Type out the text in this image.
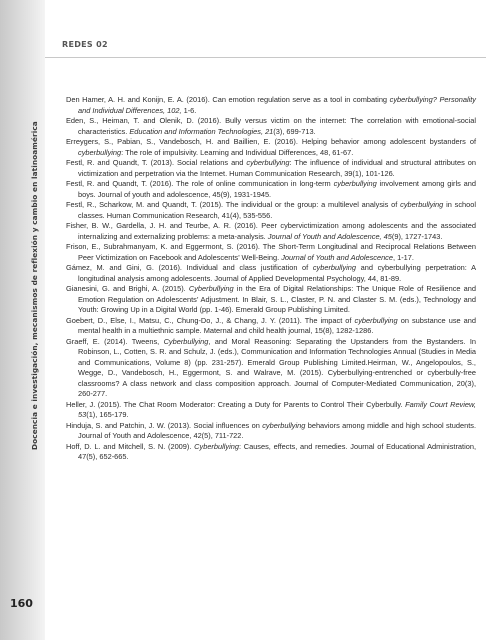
REDES 02
Docencia e investigación, mecanismos de reflexión y cambio en latinoamérica
Den Hamer, A. H. and Konijn, E. A. (2016). Can emotion regulation serve as a tool in combating cyberbullying? Personality and Individual Differences, 102, 1-6.
Eden, S., Heiman, T. and Olenik, D. (2016). Bully versus victim on the internet: The correlation with emotional-social characteristics. Education and Information Technologies, 21(3), 699-713.
Erreygers, S., Pabian, S., Vandebosch, H. and Baillien, E. (2016). Helping behavior among adolescent bystanders of cyberbullying: The role of impulsivity. Learning and Individual Differences, 48, 61-67.
Festl, R. and Quandt, T. (2013). Social relations and cyberbullying: The influence of individual and structural attributes on victimization and perpetration via the Internet. Human Communication Research, 39(1), 101-126.
Festl, R. and Quandt, T. (2016). The role of online communication in long-term cyberbullying involvement among girls and boys. Journal of youth and adolescence, 45(9), 1931-1945.
Festl, R., Scharkow, M. and Quandt, T. (2015). The individual or the group: a multilevel analysis of cyberbullying in school classes. Human Communication Research, 41(4), 535-556.
Fisher, B. W., Gardella, J. H. and Teurbe, A. R. (2016). Peer cybervictimization among adolescents and the associated internalizing and externalizing problems: a meta-analysis. Journal of Youth and Adolescence, 45(9), 1727-1743.
Frison, E., Subrahmanyam, K. and Eggermont, S. (2016). The Short-Term Longitudinal and Reciprocal Relations Between Peer Victimization on Facebook and Adolescents’ Well-Being. Journal of Youth and Adolescence, 1-17.
Gámez, M. and Gini, G. (2016). Individual and class justification of cyberbullying and cyberbullying perpetration: A longitudinal analysis among adolescents. Journal of Applied Developmental Psychology, 44, 81-89.
Gianesini, G. and Brighi, A. (2015). Cyberbullying in the Era of Digital Relationships: The Unique Role of Resilience and Emotion Regulation on Adolescents’ Adjustment. In Blair, S. L., Claster, P. N. and Claster S. M. (eds.), Technology and Youth: Growing Up in a Digital World (pp. 1-46). Emerald Group Publishing Limited.
Goebert, D., Else, I., Matsu, C., Chung-Do, J., & Chang, J. Y. (2011). The impact of cyberbullying on substance use and mental health in a multiethnic sample. Maternal and child health journal, 15(8), 1282-1286.
Graeff, E. (2014). Tweens, Cyberbullying, and Moral Reasoning: Separating the Upstanders from the Bystanders. In Robinson, L., Cotten, S. R. and Schulz, J. (eds.), Communication and Information Technologies Annual (Studies in Media and Communications, Volume 8) (pp. 231-257). Emerald Group Publishing Limited.Heirman, W., Angelopoulos, S., Wegge, D., Vandebosch, H., Eggermont, S. and Walrave, M. (2015). Cyberbullying-entrenched or cyberbully-free classrooms? A class network and class composition approach. Journal of Computer-Mediated Communication, 20(3), 260-277.
Heller, J. (2015). The Chat Room Moderator: Creating a Duty for Parents to Control Their Cyberbully. Family Court Review, 53(1), 165-179.
Hinduja, S. and Patchin, J. W. (2013). Social influences on cyberbullying behaviors among middle and high school students. Journal of Youth and Adolescence, 42(5), 711-722.
Hoff, D. L. and Mitchell, S. N. (2009). Cyberbullying: Causes, effects, and remedies. Journal of Educational Administration, 47(5), 652-665.
160
